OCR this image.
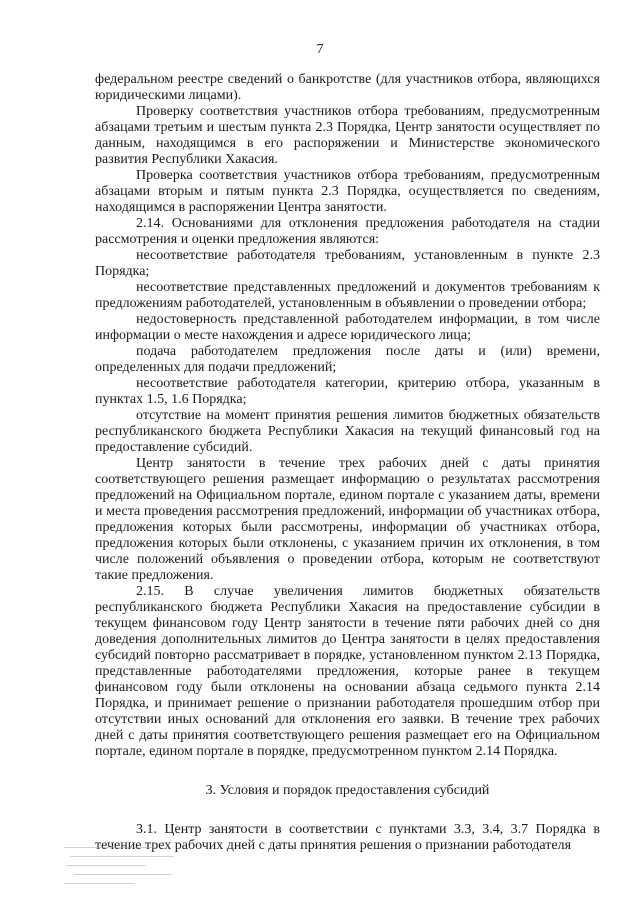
7

федеральном реестре сведений о банкротстве (для участников отбора, являющихся юридическими лицами).

Проверку соответствия участников отбора требованиям, предусмотренным абзацами третьим и шестым пункта 2.3 Порядка, Центр занятости осуществляет по данным, находящимся в его распоряжении и Министерстве экономического развития Республики Хакасия.

Проверка соответствия участников отбора требованиям, предусмотренным абзацами вторым и пятым пункта 2.3 Порядка, осуществляется по сведениям, находящимся в распоряжении Центра занятости.

2.14. Основаниями для отклонения предложения работодателя на стадии рассмотрения и оценки предложения являются:

несоответствие работодателя требованиям, установленным в пункте 2.3 Порядка;

несоответствие представленных предложений и документов требованиям к предложениям работодателей, установленным в объявлении о проведении отбора;

недостоверность представленной работодателем информации, в том числе информации о месте нахождения и адресе юридического лица;

подача работодателем предложения после даты и (или) времени, определенных для подачи предложений;

несоответствие работодателя категории, критерию отбора, указанным в пунктах 1.5, 1.6 Порядка;

отсутствие на момент принятия решения лимитов бюджетных обязательств республиканского бюджета Республики Хакасия на текущий финансовый год на предоставление субсидий.

Центр занятости в течение трех рабочих дней с даты принятия соответствующего решения размещает информацию о результатах рассмотрения предложений на Официальном портале, едином портале с указанием даты, времени и места проведения рассмотрения предложений, информации об участниках отбора, предложения которых были рассмотрены, информации об участниках отбора, предложения которых были отклонены, с указанием причин их отклонения, в том числе положений объявления о проведении отбора, которым не соответствуют такие предложения.

2.15. В случае увеличения лимитов бюджетных обязательств республиканского бюджета Республики Хакасия на предоставление субсидии в текущем финансовом году Центр занятости в течение пяти рабочих дней со дня доведения дополнительных лимитов до Центра занятости в целях предоставления субсидий повторно рассматривает в порядке, установленном пунктом 2.13 Порядка, представленные работодателями предложения, которые ранее в текущем финансовом году были отклонены на основании абзаца седьмого пункта 2.14 Порядка, и принимает решение о признании работодателя прошедшим отбор при отсутствии иных оснований для отклонения его заявки. В течение трех рабочих дней с даты принятия соответствующего решения размещает его на Официальном портале, едином портале в порядке, предусмотренном пунктом 2.14 Порядка.

3. Условия и порядок предоставления субсидий

3.1. Центр занятости в соответствии с пунктами 3.3, 3.4, 3.7 Порядка в течение трех рабочих дней с даты принятия решения о признании работодателя
